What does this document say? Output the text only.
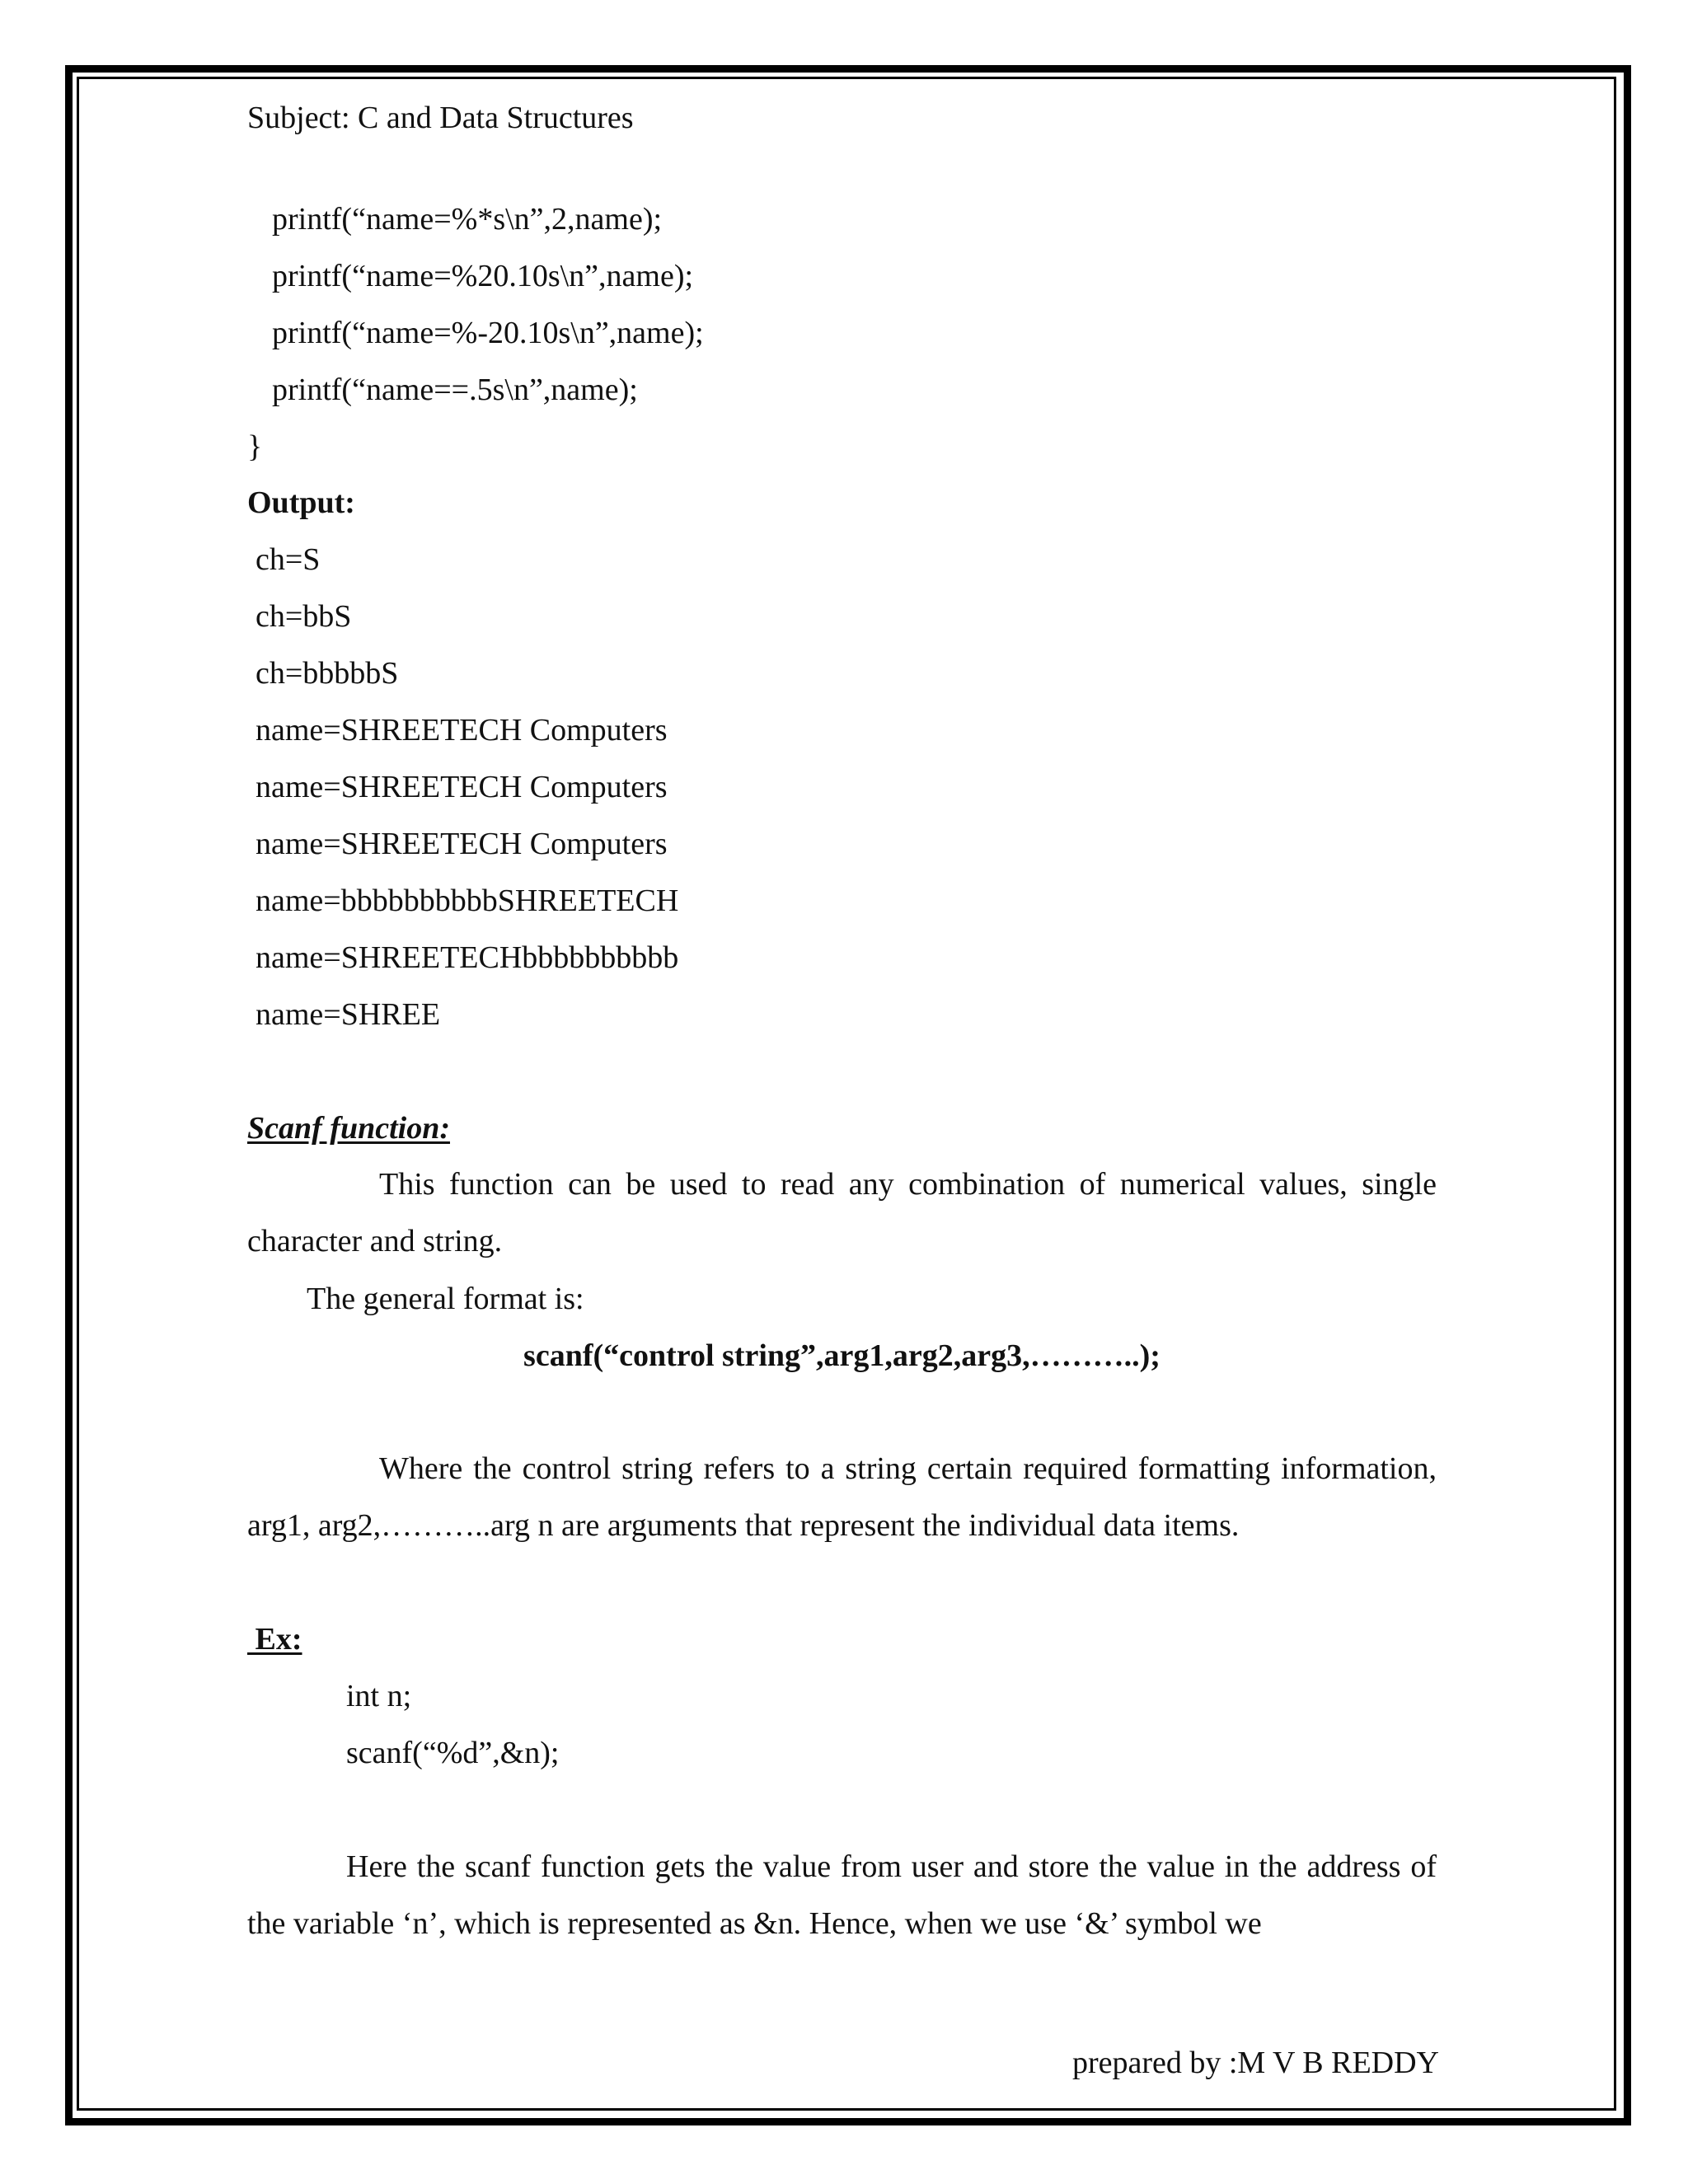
Subject: C and Data Structures
printf(“name=%*s\n”,2,name);
printf(“name=%20.10s\n”,name);
printf(“name=%-20.10s\n”,name);
printf(“name==.5s\n”,name);
}
Output:
ch=S
ch=bbS
ch=bbbbbS
name=SHREETECH Computers
name=SHREETECH Computers
name=SHREETECH Computers
name=bbbbbbbbbbSHREETECH
name=SHREETECHbbbbbbbbbb
name=SHREE
Scanf function:
This function can be used to read any combination of numerical values, single character and string.
The general format is:
scanf(“control string”,arg1,arg2,arg3,………..);
Where the control string refers to a string certain required formatting information, arg1, arg2,………..arg n are arguments that represent the individual data items.
Ex:
int n;
scanf(“%d”,&n);
Here the scanf function gets the value from user and store the value in the address of the variable ‘n’, which is represented as &n. Hence, when we use ‘&’ symbol we
prepared by :M V B REDDY
